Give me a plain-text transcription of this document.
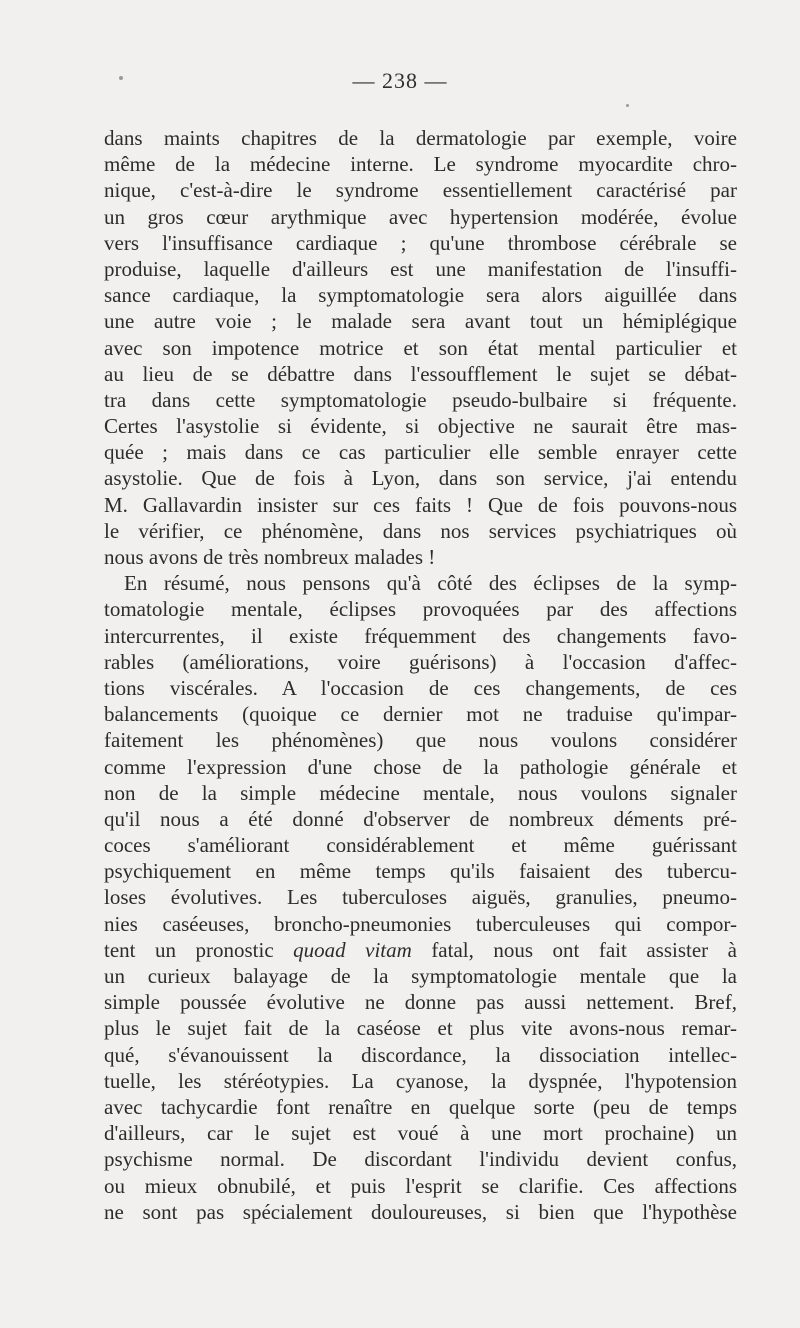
— 238 —
dans maints chapitres de la dermatologie par exemple, voire
même de la médecine interne. Le syndrome myocardite chro-
nique, c'est-à-dire le syndrome essentiellement caractérisé par
un gros cœur arythmique avec hypertension modérée, évolue
vers l'insuffisance cardiaque ; qu'une thrombose cérébrale se
produise, laquelle d'ailleurs est une manifestation de l'insuffi-
sance cardiaque, la symptomatologie sera alors aiguillée dans
une autre voie ; le malade sera avant tout un hémiplégique
avec son impotence motrice et son état mental particulier et
au lieu de se débattre dans l'essoufflement le sujet se débat-
tra dans cette symptomatologie pseudo-bulbaire si fréquente.
Certes l'asystolie si évidente, si objective ne saurait être mas-
quée ; mais dans ce cas particulier elle semble enrayer cette
asystolie. Que de fois à Lyon, dans son service, j'ai entendu
M. Gallavardin insister sur ces faits ! Que de fois pouvons-nous
le vérifier, ce phénomène, dans nos services psychiatriques où
nous avons de très nombreux malades !
En résumé, nous pensons qu'à côté des éclipses de la symp-
tomatologie mentale, éclipses provoquées par des affections
intercurrentes, il existe fréquemment des changements favo-
rables (améliorations, voire guérisons) à l'occasion d'affec-
tions viscérales. A l'occasion de ces changements, de ces
balancements (quoique ce dernier mot ne traduise qu'impar-
faitement les phénomènes) que nous voulons considérer
comme l'expression d'une chose de la pathologie générale et
non de la simple médecine mentale, nous voulons signaler
qu'il nous a été donné d'observer de nombreux déments pré-
coces s'améliorant considérablement et même guérissant
psychiquement en même temps qu'ils faisaient des tubercu-
loses évolutives. Les tuberculoses aiguës, granulies, pneumo-
nies caséeuses, broncho-pneumonies tuberculeuses qui compor-
tent un pronostic quoad vitam fatal, nous ont fait assister à
un curieux balayage de la symptomatologie mentale que la
simple poussée évolutive ne donne pas aussi nettement. Bref,
plus le sujet fait de la caséose et plus vite avons-nous remar-
qué, s'évanouissent la discordance, la dissociation intellec-
tuelle, les stéréotypies. La cyanose, la dyspnée, l'hypotension
avec tachycardie font renaître en quelque sorte (peu de temps
d'ailleurs, car le sujet est voué à une mort prochaine) un
psychisme normal. De discordant l'individu devient confus,
ou mieux obnubilé, et puis l'esprit se clarifie. Ces affections
ne sont pas spécialement douloureuses, si bien que l'hypothèse
